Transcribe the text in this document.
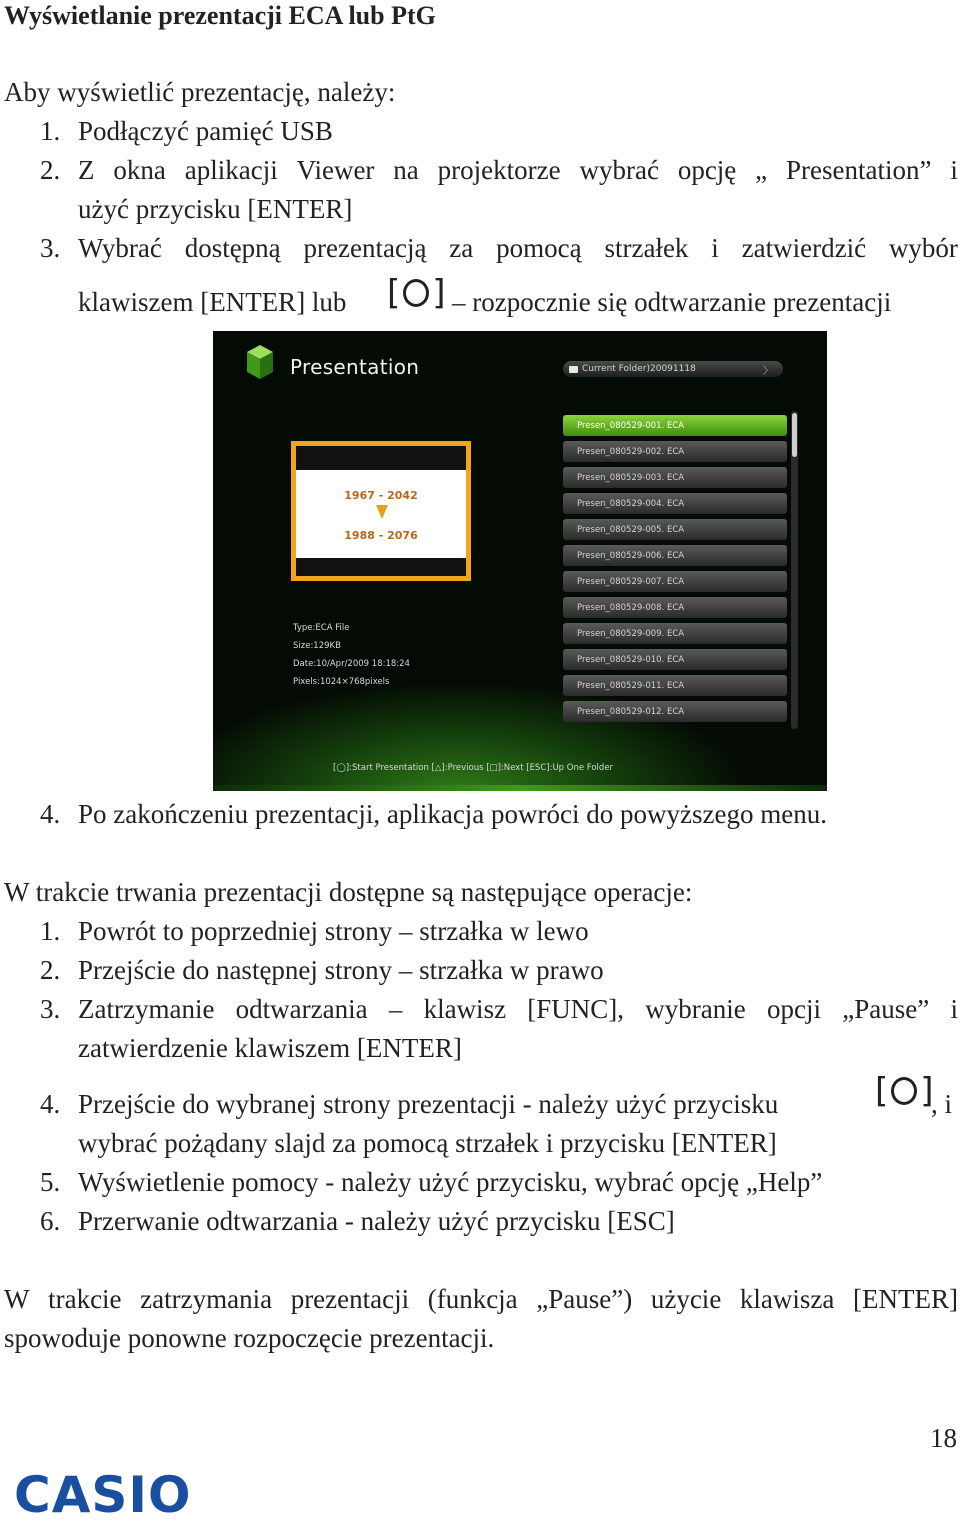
Wyświetlanie prezentacji ECA lub PtG
Aby wyświetlić prezentację, należy:
1. Podłączyć pamięć USB
2. Z okna aplikacji Viewer na projektorze wybrać opcję „ Presentation” i
użyć przycisku [ENTER]
3. Wybrać dostępną prezentacją za pomocą strzałek i zatwierdzić wybór
klawiszem [ENTER] lub [ ] – rozpocznie się odtwarzanie prezentacji
Presentation	Current Folder)20091118	〉
1967 - 2042
1988 - 2076
Type:ECA File
Size:129KB
Date:10/Apr/2009 18:18:24
Pixels:1024×768pixels
Presen_080529-001. ECA
Presen_080529-002. ECA
Presen_080529-003. ECA
Presen_080529-004. ECA
Presen_080529-005. ECA
Presen_080529-006. ECA
Presen_080529-007. ECA
Presen_080529-008. ECA
Presen_080529-009. ECA
Presen_080529-010. ECA
Presen_080529-011. ECA
Presen_080529-012. ECA
[◯]:Start Presentation [△]:Previous [□]:Next [ESC]:Up One Folder
4. Po zakończeniu prezentacji, aplikacja powróci do powyższego menu.
W trakcie trwania prezentacji dostępne są następujące operacje:
1. Powrót to poprzedniej strony – strzałka w lewo
2. Przejście do następnej strony – strzałka w prawo
3. Zatrzymanie odtwarzania – klawisz [FUNC], wybranie opcji „Pause” i
zatwierdzenie klawiszem [ENTER]
4. Przejście do wybranej strony prezentacji - należy użyć przycisku	[ ]
, i
wybrać pożądany slajd za pomocą strzałek i przycisku [ENTER]
5. Wyświetlenie pomocy - należy użyć przycisku, wybrać opcję „Help”
6. Przerwanie odtwarzania - należy użyć przycisku [ESC]
W trakcie zatrzymania prezentacji (funkcja „Pause”) użycie klawisza [ENTER]
spowoduje ponowne rozpoczęcie prezentacji.
18
CASIO
